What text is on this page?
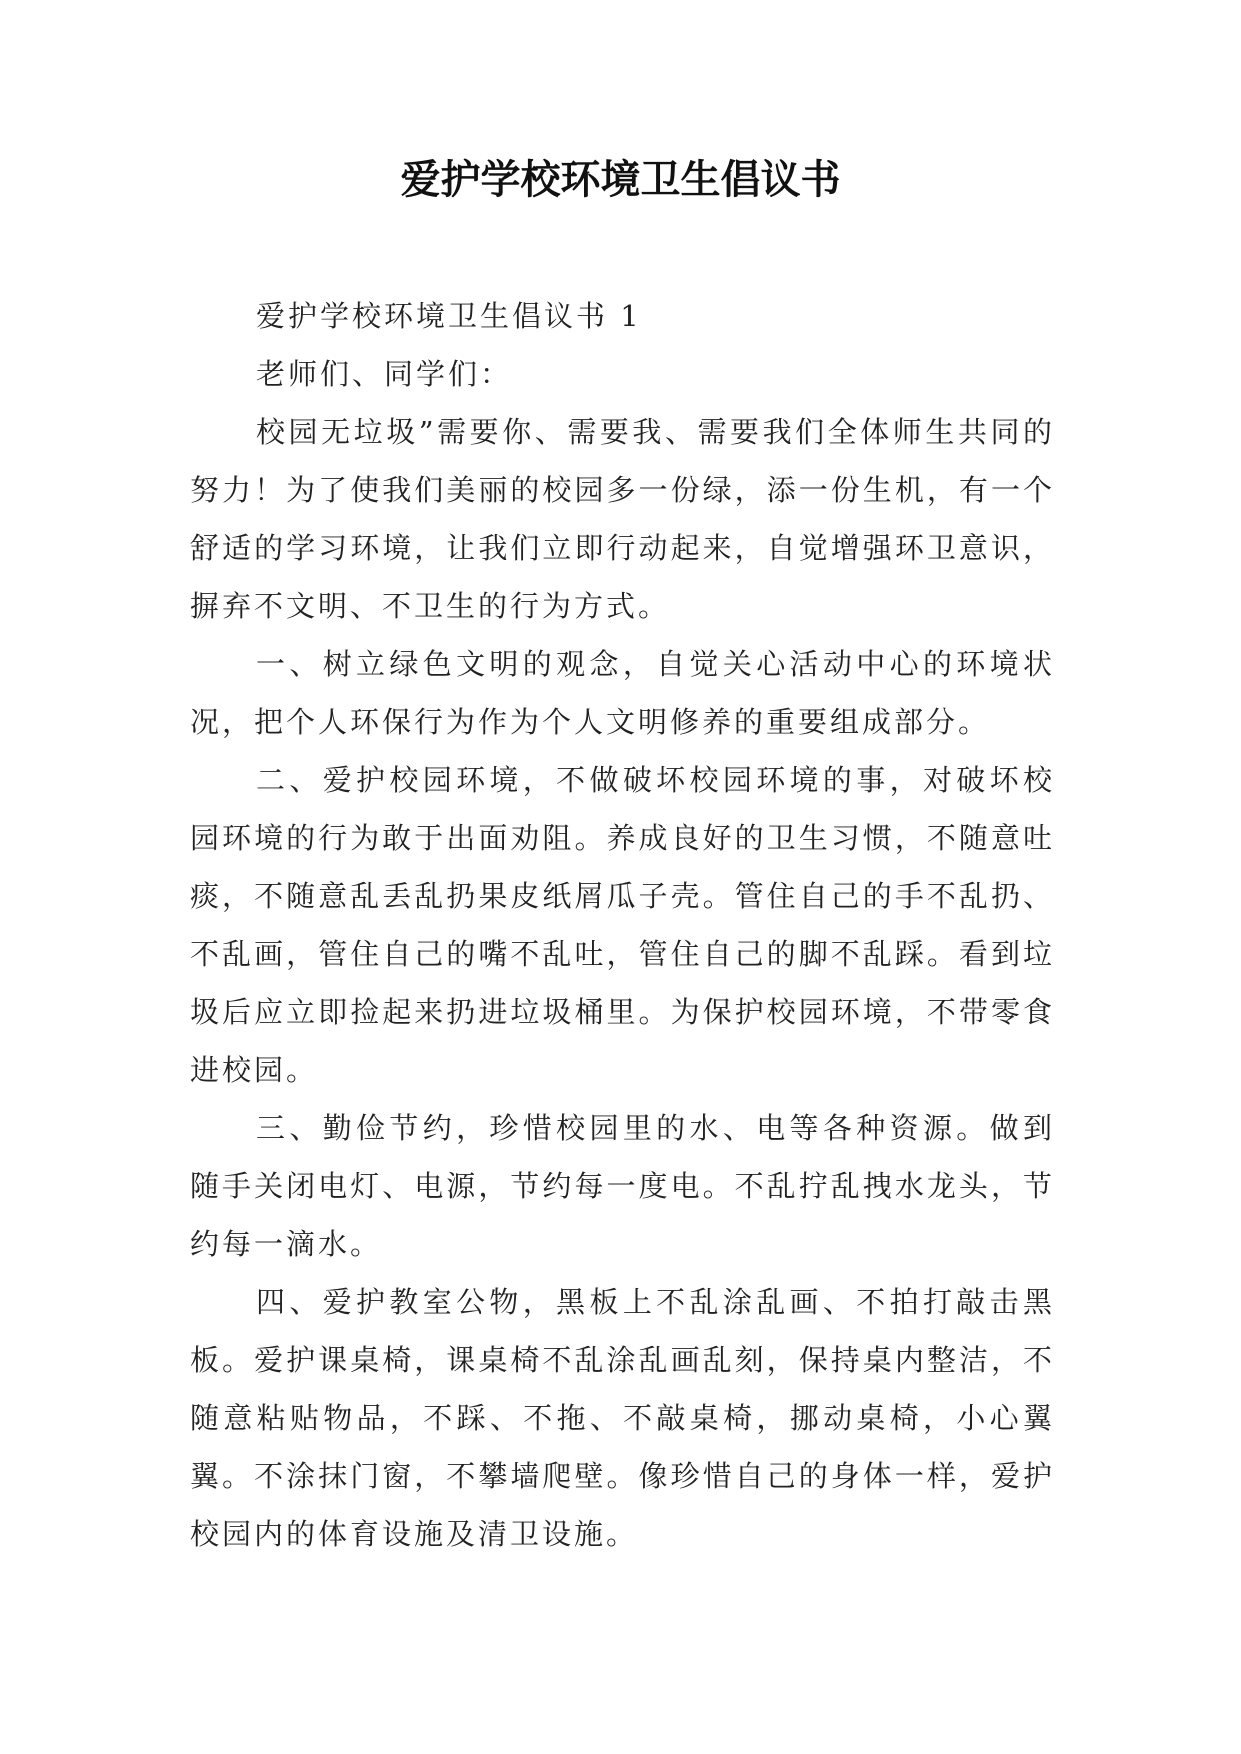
爱护学校环境卫生倡议书

爱护学校环境卫生倡议书 1

老师们、同学们：

校园无垃圾”需要你、需要我、需要我们全体师生共同的努力！为了使我们美丽的校园多一份绿，添一份生机，有一个舒适的学习环境，让我们立即行动起来，自觉增强环卫意识，摒弃不文明、不卫生的行为方式。

一、树立绿色文明的观念，自觉关心活动中心的环境状况，把个人环保行为作为个人文明修养的重要组成部分。

二、爱护校园环境，不做破坏校园环境的事，对破坏校园环境的行为敢于出面劝阻。养成良好的卫生习惯，不随意吐痰，不随意乱丢乱扔果皮纸屑瓜子壳。管住自己的手不乱扔、不乱画，管住自己的嘴不乱吐，管住自己的脚不乱踩。看到垃圾后应立即捡起来扔进垃圾桶里。为保护校园环境，不带零食进校园。

三、勤俭节约，珍惜校园里的水、电等各种资源。做到随手关闭电灯、电源，节约每一度电。不乱拧乱拽水龙头，节约每一滴水。

四、爱护教室公物，黑板上不乱涂乱画、不拍打敲击黑板。爱护课桌椅，课桌椅不乱涂乱画乱刻，保持桌内整洁，不随意粘贴物品，不踩、不拖、不敲桌椅，挪动桌椅，小心翼翼。不涂抹门窗，不攀墙爬壁。像珍惜自己的身体一样，爱护校园内的体育设施及清卫设施。
